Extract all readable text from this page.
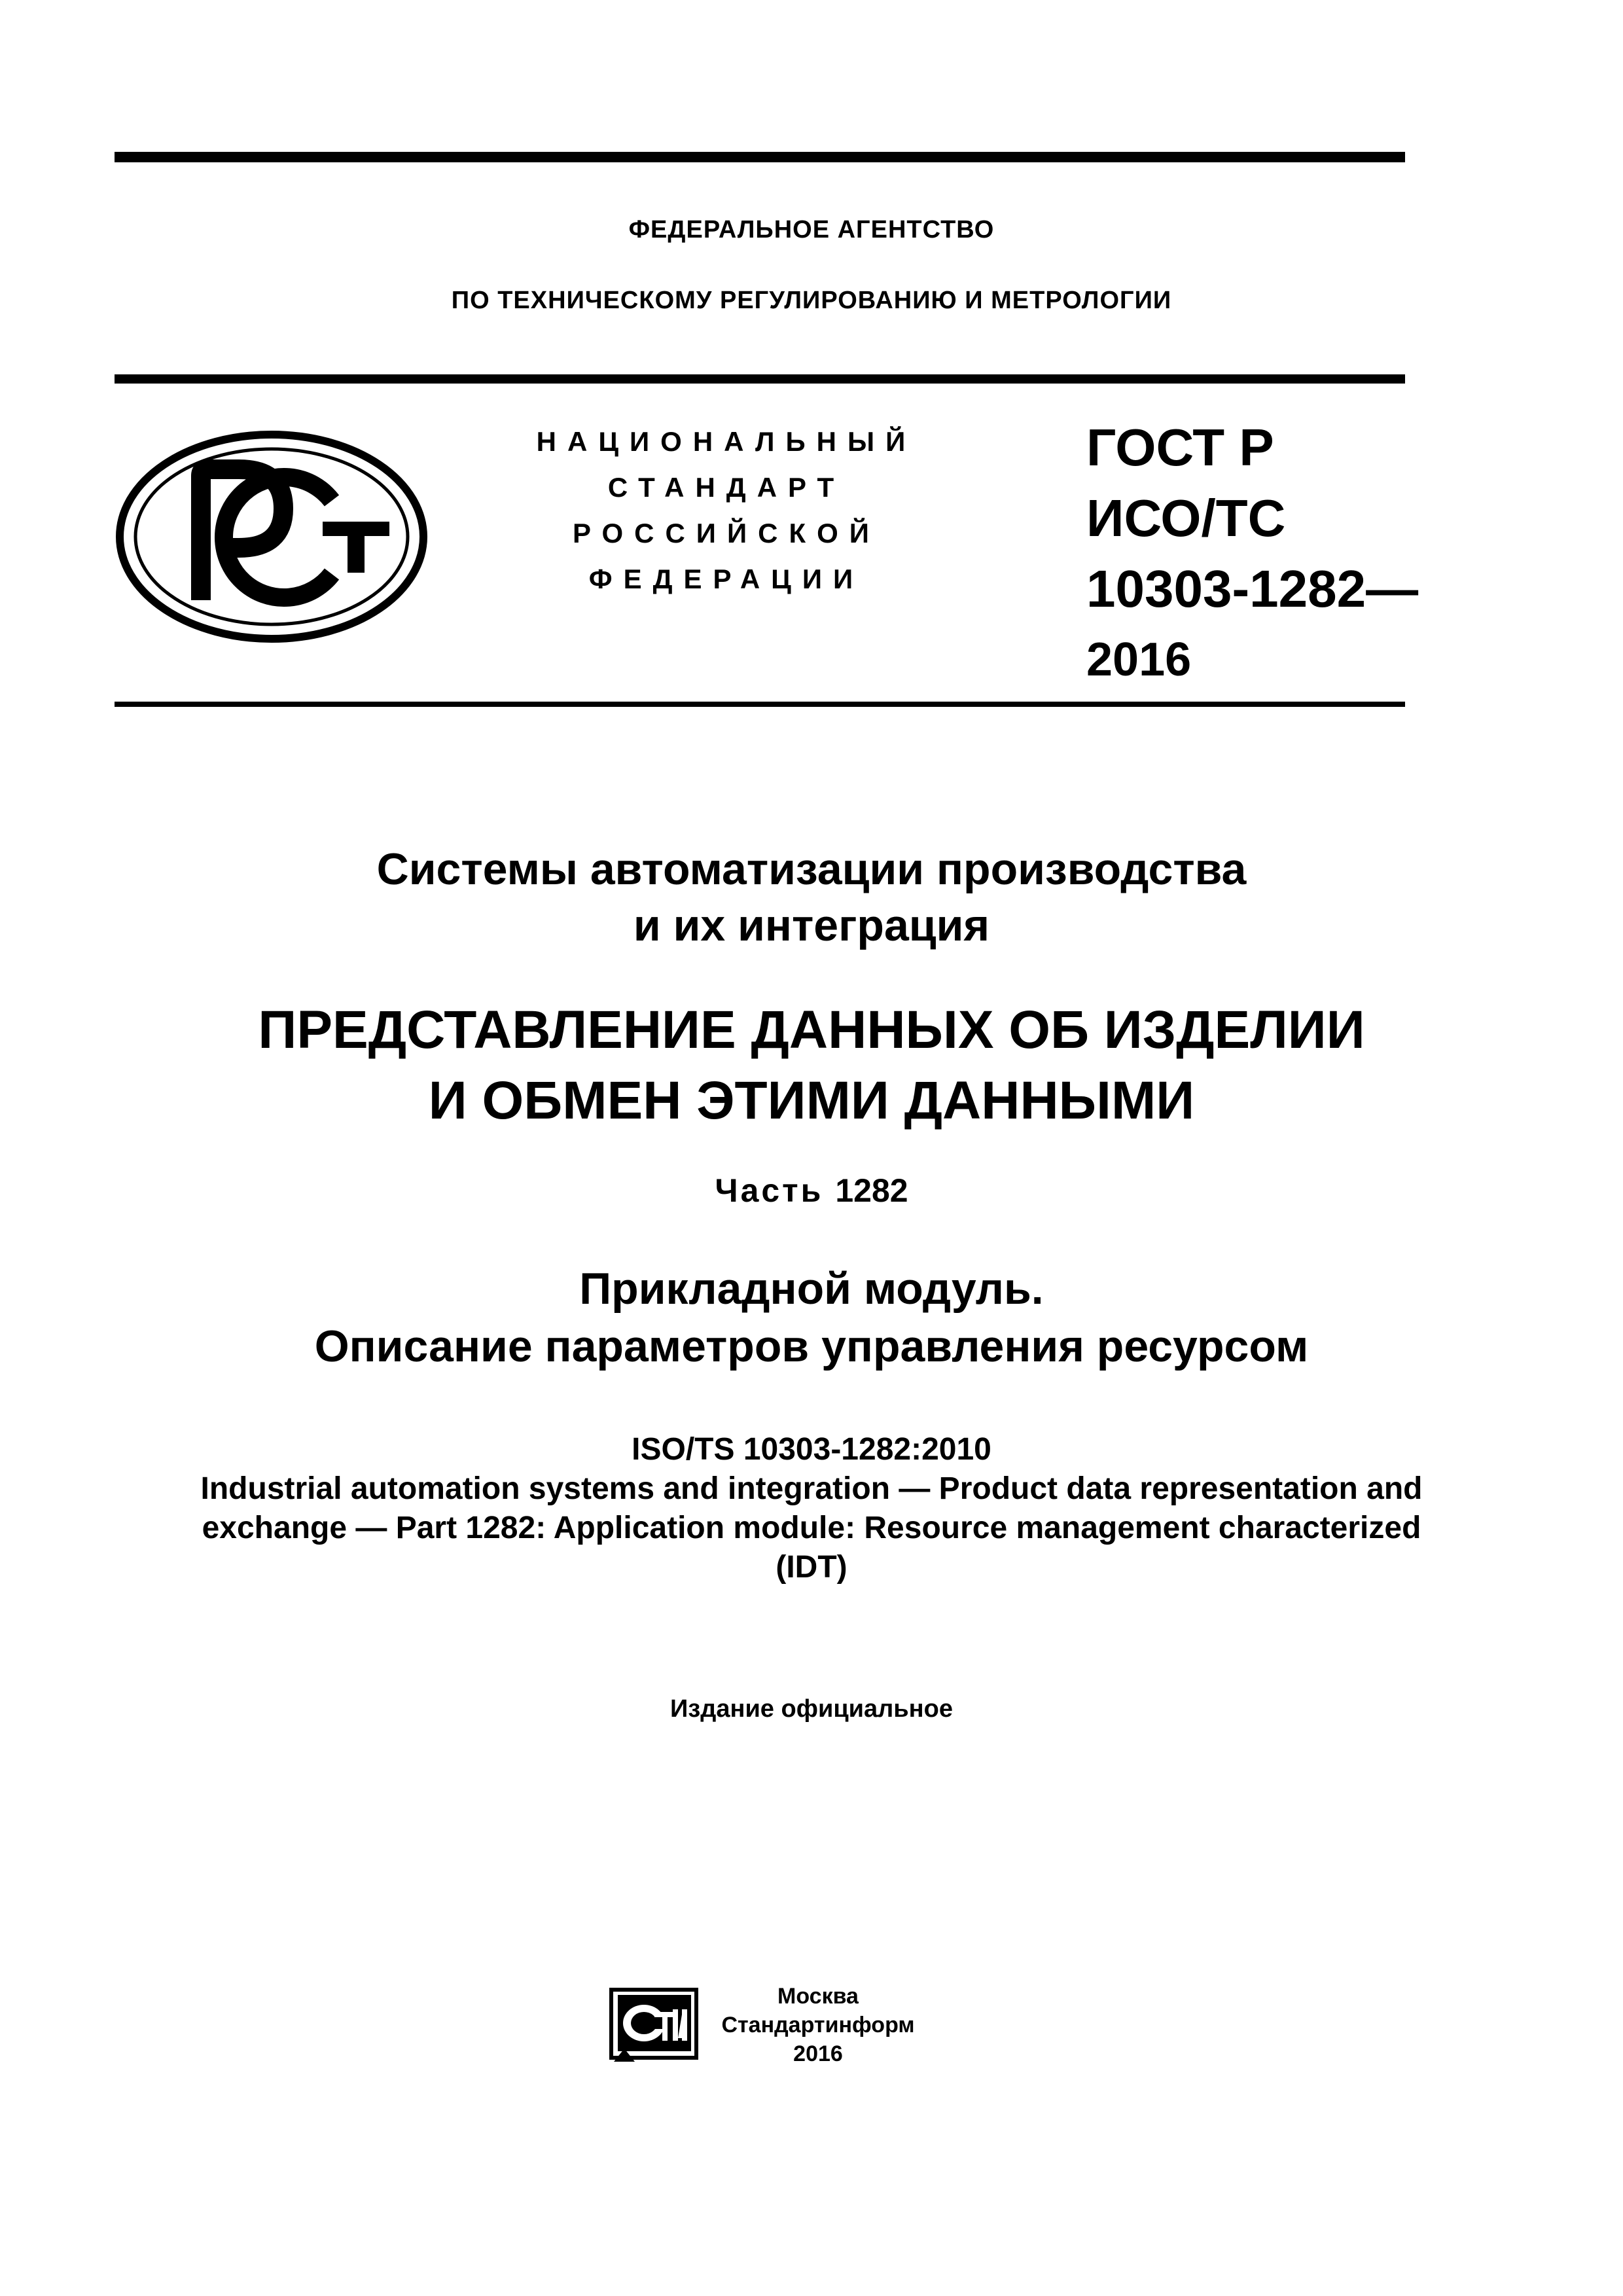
ФЕДЕРАЛЬНОЕ АГЕНТСТВО
ПО ТЕХНИЧЕСКОМУ РЕГУЛИРОВАНИЮ И МЕТРОЛОГИИ
НАЦИОНАЛЬНЫЙ
СТАНДАРТ
РОССИЙСКОЙ
ФЕДЕРАЦИИ
ГОСТ Р
ИСО/ТС
10303-1282—
2016
Системы автоматизации производства
и их интеграция
ПРЕДСТАВЛЕНИЕ ДАННЫХ ОБ ИЗДЕЛИИ
И ОБМЕН ЭТИМИ ДАННЫМИ
Часть 1282
Прикладной модуль.
Описание параметров управления ресурсом
ISO/TS 10303-1282:2010
Industrial automation systems and integration — Product data representation and
exchange — Part 1282: Application module: Resource management characterized
(IDT)
Издание официальное
Москва
Стандартинформ
2016
